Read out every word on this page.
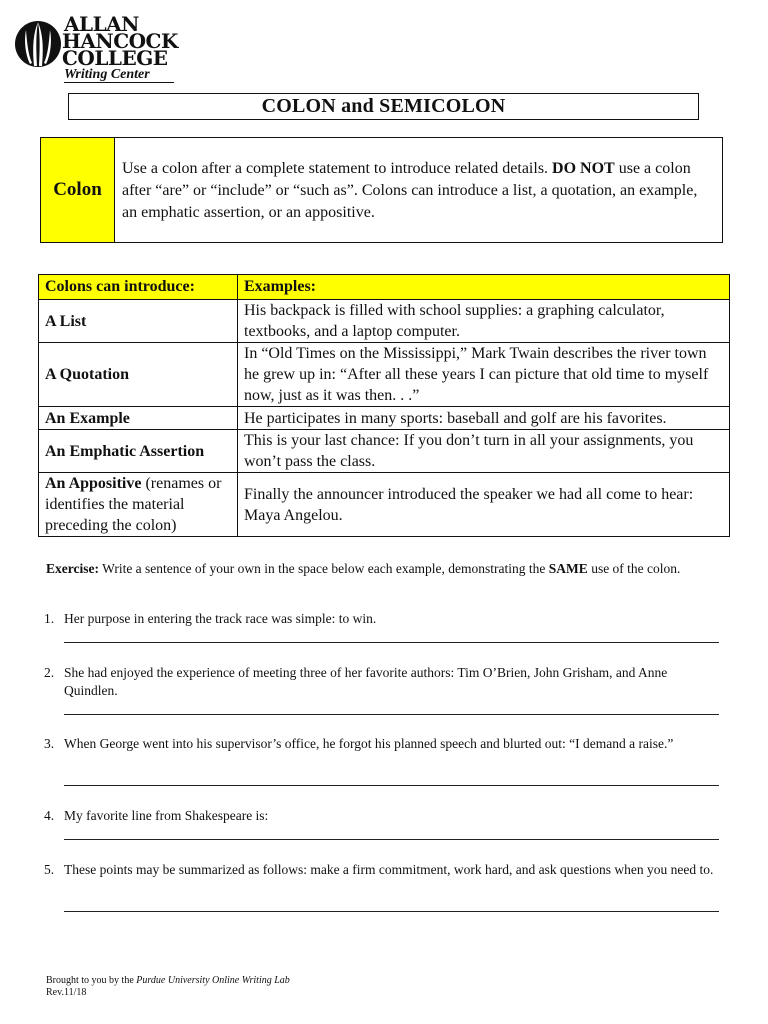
ALLAN
HANCOCK
COLLEGE
Writing Center
COLON and SEMICOLON
Colon
Use a colon after a complete statement to introduce related details. DO NOT use a colon after “are” or “include” or “such as”. Colons can introduce a list, a quotation, an example, an emphatic assertion, or an appositive.
Colons can introduce:	Examples:
A List	His backpack is filled with school supplies: a graphing calculator, textbooks, and a laptop computer.
A Quotation	In “Old Times on the Mississippi,” Mark Twain describes the river town he grew up in: “After all these years I can picture that old time to myself now, just as it was then. . .”
An Example	He participates in many sports: baseball and golf are his favorites.
An Emphatic Assertion	This is your last chance: If you don’t turn in all your assignments, you won’t pass the class.
An Appositive (renames or identifies the material preceding the colon)	Finally the announcer introduced the speaker we had all come to hear: Maya Angelou.
Exercise: Write a sentence of your own in the space below each example, demonstrating the SAME use of the colon.
1. Her purpose in entering the track race was simple: to win.
2. She had enjoyed the experience of meeting three of her favorite authors: Tim O’Brien, John Grisham, and Anne Quindlen.
3. When George went into his supervisor’s office, he forgot his planned speech and blurted out: “I demand a raise.”
4. My favorite line from Shakespeare is:
5. These points may be summarized as follows: make a firm commitment, work hard, and ask questions when you need to.
Brought to you by the Purdue University Online Writing Lab
Rev.11/18
